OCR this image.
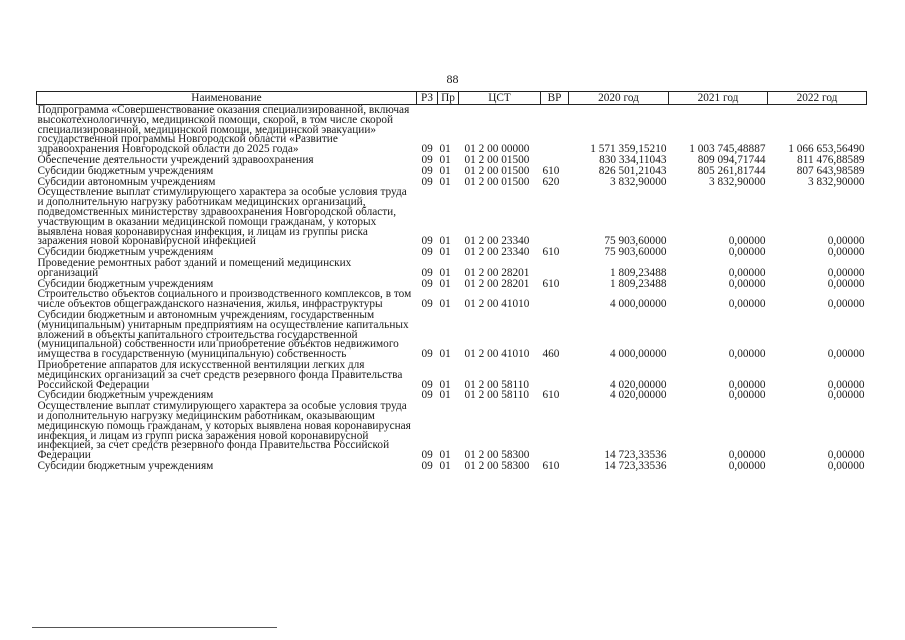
88
Наименование	РЗ	Пр	ЦСТ	ВР	2020 год	2021 год	2022 год
Подпрограмма «Совершенствование оказания специализированной, включая высокотехнологичную, медицинской помощи, скорой, в том числе скорой специализированной, медицинской помощи, медицинской эвакуации» государственной программы Новгородской области «Развитие здравоохранения Новгородской области до 2025 года»	09	01	01 2 00 00000		1 571 359,15210	1 003 745,48887	1 066 653,56490
Обеспечение деятельности учреждений здравоохранения	09	01	01 2 00 01500		830 334,11043	809 094,71744	811 476,88589
Субсидии бюджетным учреждениям	09	01	01 2 00 01500	610	826 501,21043	805 261,81744	807 643,98589
Субсидии автономным учреждениям	09	01	01 2 00 01500	620	3 832,90000	3 832,90000	3 832,90000
Осуществление выплат стимулирующего характера за особые условия труда и дополнительную нагрузку работникам медицинских организаций, подведомственных министерству здравоохранения Новгородской области, участвующим в оказании медицинской помощи гражданам, у которых выявлена новая коронавирусная инфекция, и лицам из группы риска заражения новой коронавирусной инфекцией	09	01	01 2 00 23340		75 903,60000	0,00000	0,00000
Субсидии бюджетным учреждениям	09	01	01 2 00 23340	610	75 903,60000	0,00000	0,00000
Проведение ремонтных работ зданий и помещений медицинских организаций	09	01	01 2 00 28201		1 809,23488	0,00000	0,00000
Субсидии бюджетным учреждениям	09	01	01 2 00 28201	610	1 809,23488	0,00000	0,00000
Строительство объектов социального и производственного комплексов, в том числе объектов общегражданского назначения, жилья, инфраструктуры	09	01	01 2 00 41010		4 000,00000	0,00000	0,00000
Субсидии бюджетным и автономным учреждениям, государственным (муниципальным) унитарным предприятиям на осуществление капитальных вложений в объекты капитального строительства государственной (муниципальной) собственности или приобретение объектов недвижимого имущества в государственную (муниципальную) собственность	09	01	01 2 00 41010	460	4 000,00000	0,00000	0,00000
Приобретение аппаратов для искусственной вентиляции легких для медицинских организаций за счет средств резервного фонда Правительства Российской Федерации	09	01	01 2 00 58110		4 020,00000	0,00000	0,00000
Субсидии бюджетным учреждениям	09	01	01 2 00 58110	610	4 020,00000	0,00000	0,00000
Осуществление выплат стимулирующего характера за особые условия труда и дополнительную нагрузку медицинским работникам, оказывающим медицинскую помощь гражданам, у которых выявлена новая коронавирусная инфекция, и лицам из групп риска заражения новой коронавирусной инфекцией, за счет средств резервного фонда Правительства Российской Федерации	09	01	01 2 00 58300		14 723,33536	0,00000	0,00000
Субсидии бюджетным учреждениям	09	01	01 2 00 58300	610	14 723,33536	0,00000	0,00000
